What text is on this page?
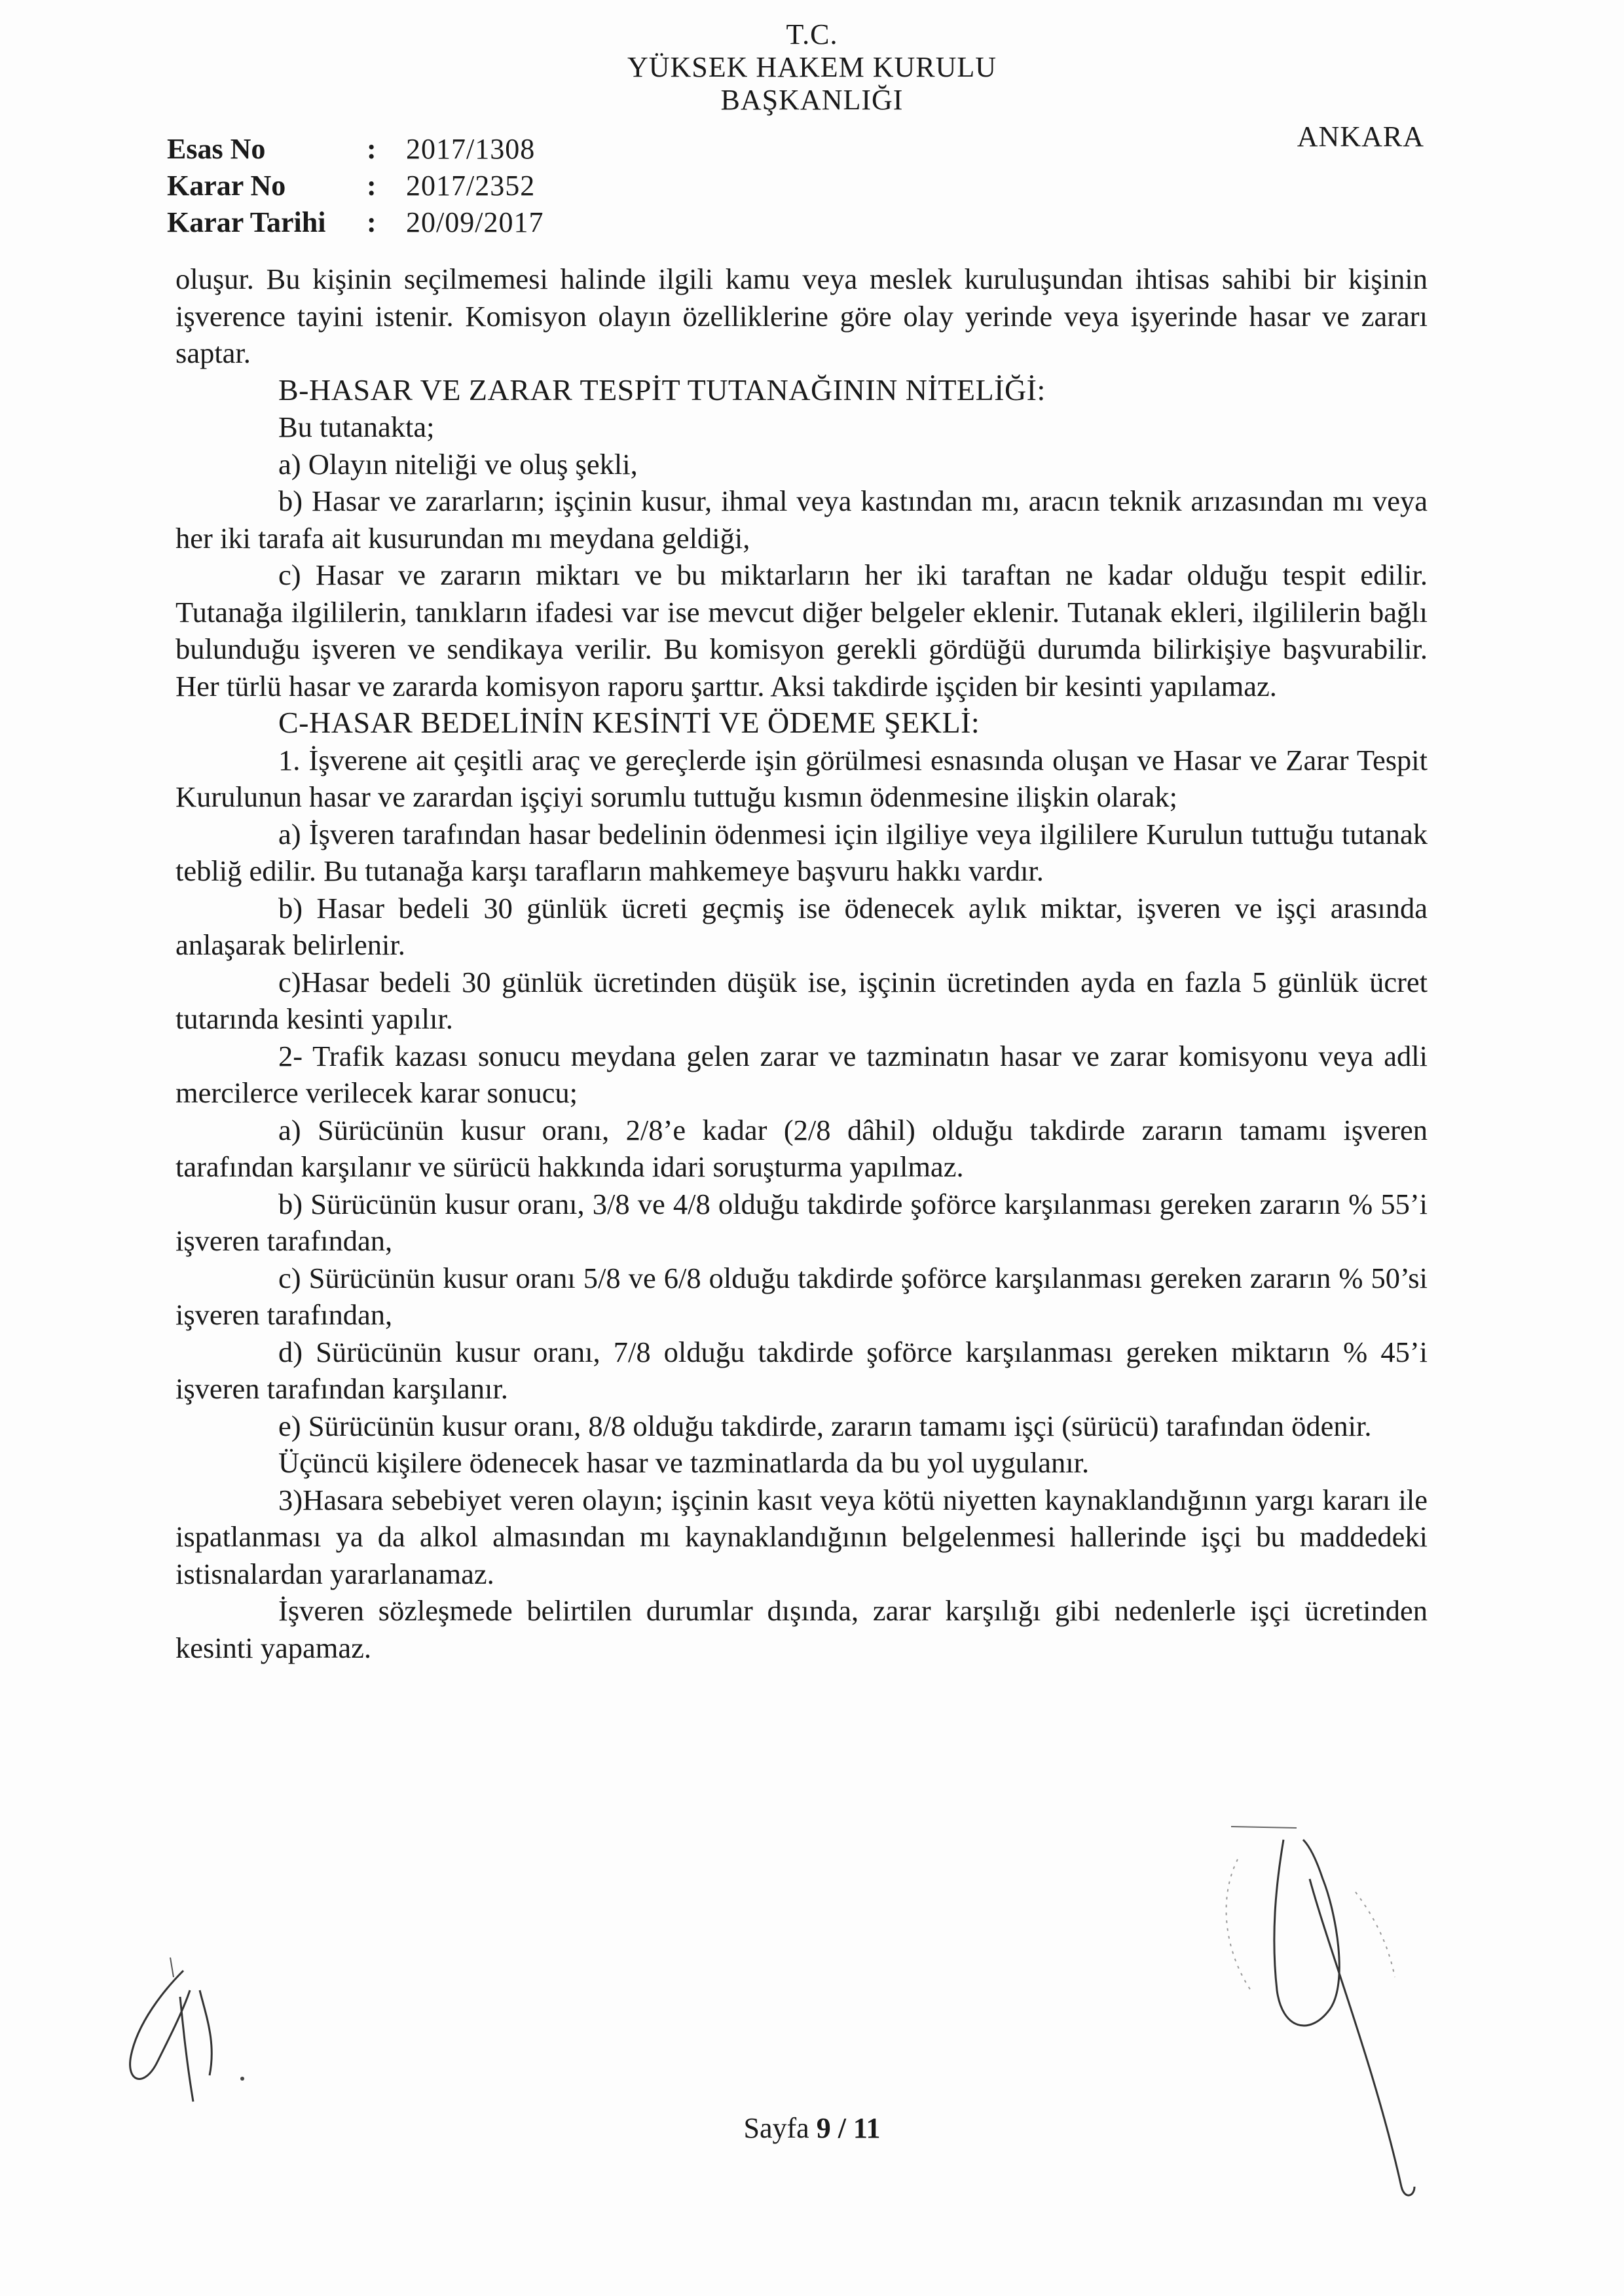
T.C.
YÜKSEK HAKEM KURULU
BAŞKANLIĞI
ANKARA
Esas No	:	2017/1308
Karar No	:	2017/2352
Karar Tarihi	:	20/09/2017

oluşur. Bu kişinin seçilmemesi halinde ilgili kamu veya meslek kuruluşundan ihtisas sahibi bir kişinin işverence tayini istenir. Komisyon olayın özelliklerine göre olay yerinde veya işyerinde hasar ve zararı saptar.

B-HASAR VE ZARAR TESPİT TUTANAĞININ NİTELİĞİ:

Bu tutanakta;

a) Olayın niteliği ve oluş şekli,

b) Hasar ve zararların; işçinin kusur, ihmal veya kastından mı, aracın teknik arızasından mı veya her iki tarafa ait kusurundan mı meydana geldiği,

c) Hasar ve zararın miktarı ve bu miktarların her iki taraftan ne kadar olduğu tespit edilir. Tutanağa ilgililerin, tanıkların ifadesi var ise mevcut diğer belgeler eklenir. Tutanak ekleri, ilgililerin bağlı bulunduğu işveren ve sendikaya verilir. Bu komisyon gerekli gördüğü durumda bilirkişiye başvurabilir. Her türlü hasar ve zararda komisyon raporu şarttır. Aksi takdirde işçiden bir kesinti yapılamaz.

C-HASAR BEDELİNİN KESİNTİ VE ÖDEME ŞEKLİ:

1. İşverene ait çeşitli araç ve gereçlerde işin görülmesi esnasında oluşan ve Hasar ve Zarar Tespit Kurulunun hasar ve zarardan işçiyi sorumlu tuttuğu kısmın ödenmesine ilişkin olarak;

a) İşveren tarafından hasar bedelinin ödenmesi için ilgiliye veya ilgililere Kurulun tuttuğu tutanak tebliğ edilir. Bu tutanağa karşı tarafların mahkemeye başvuru hakkı vardır.

b) Hasar bedeli 30 günlük ücreti geçmiş ise ödenecek aylık miktar, işveren ve işçi arasında anlaşarak belirlenir.

c)Hasar bedeli 30 günlük ücretinden düşük ise, işçinin ücretinden ayda en fazla 5 günlük ücret tutarında kesinti yapılır.

2- Trafik kazası sonucu meydana gelen zarar ve tazminatın hasar ve zarar komisyonu veya adli mercilerce verilecek karar sonucu;

a) Sürücünün kusur oranı, 2/8’e kadar (2/8 dâhil) olduğu takdirde zararın tamamı işveren tarafından karşılanır ve sürücü hakkında idari soruşturma yapılmaz.

b) Sürücünün kusur oranı, 3/8 ve 4/8 olduğu takdirde şoförce karşılanması gereken zararın % 55’i işveren tarafından,

c) Sürücünün kusur oranı 5/8 ve 6/8 olduğu takdirde şoförce karşılanması gereken zararın % 50’si işveren tarafından,

d) Sürücünün kusur oranı, 7/8 olduğu takdirde şoförce karşılanması gereken miktarın % 45’i işveren tarafından karşılanır.

e) Sürücünün kusur oranı, 8/8 olduğu takdirde, zararın tamamı işçi (sürücü) tarafından ödenir.

Üçüncü kişilere ödenecek hasar ve tazminatlarda da bu yol uygulanır.

3)Hasara sebebiyet veren olayın; işçinin kasıt veya kötü niyetten kaynaklandığının yargı kararı ile ispatlanması ya da alkol almasından mı kaynaklandığının belgelenmesi hallerinde işçi bu maddedeki istisnalardan yararlanamaz.

İşveren sözleşmede belirtilen durumlar dışında, zarar karşılığı gibi nedenlerle işçi ücretinden kesinti yapamaz.

Sayfa 9 / 11
